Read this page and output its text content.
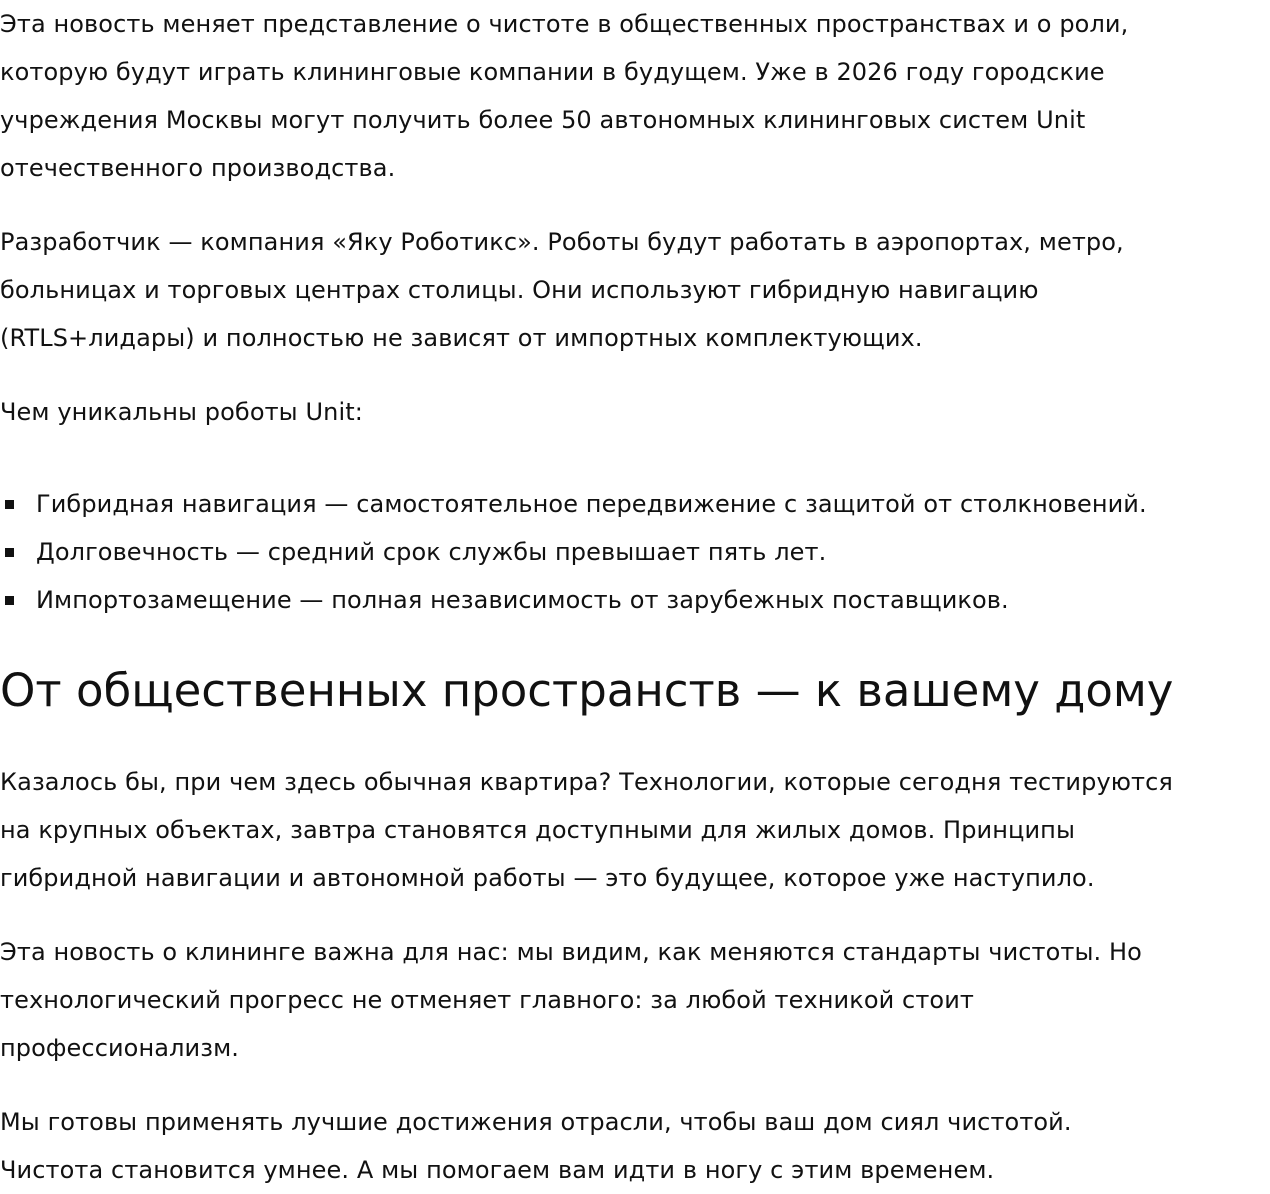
Эта новость меняет представление о чистоте в общественных пространствах и о роли,
которую будут играть клининговые компании в будущем. Уже в 2026 году городские
учреждения Москвы могут получить более 50 автономных клининговых систем Unit
отечественного производства.

Разработчик — компания «Яку Роботикс». Роботы будут работать в аэропортах, метро,
больницах и торговых центрах столицы. Они используют гибридную навигацию
(RTLS+лидары) и полностью не зависят от импортных комплектующих.

Чем уникальны роботы Unit:

Гибридная навигация — самостоятельное передвижение с защитой от столкновений.
Долговечность — средний срок службы превышает пять лет.
Импортозамещение — полная независимость от зарубежных поставщиков.
От общественных пространств — к вашему дому

Казалось бы, при чем здесь обычная квартира? Технологии, которые сегодня тестируются
на крупных объектах, завтра становятся доступными для жилых домов. Принципы
гибридной навигации и автономной работы — это будущее, которое уже наступило.

Эта новость о клининге важна для нас: мы видим, как меняются стандарты чистоты. Но
технологический прогресс не отменяет главного: за любой техникой стоит
профессионализм.

Мы готовы применять лучшие достижения отрасли, чтобы ваш дом сиял чистотой.
Чистота становится умнее. А мы помогаем вам идти в ногу с этим временем.
